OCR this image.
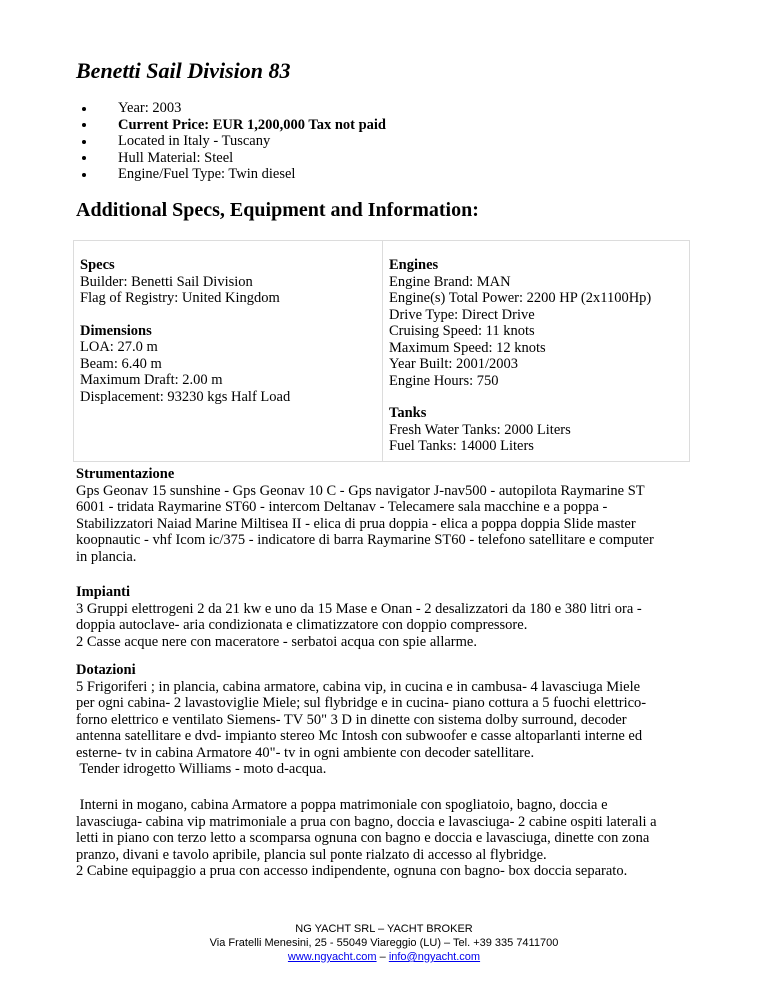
Benetti Sail Division 83
Year: 2003
Current Price: EUR 1,200,000 Tax not paid
Located in Italy - Tuscany
Hull Material: Steel
Engine/Fuel Type: Twin diesel
Additional Specs, Equipment and Information:
Specs
Builder: Benetti Sail Division
Flag of Registry: United Kingdom
Dimensions
LOA: 27.0 m
Beam: 6.40 m
Maximum Draft: 2.00 m
Displacement: 93230 kgs Half Load
Engines
Engine Brand: MAN
Engine(s) Total Power: 2200 HP (2x1100Hp)
Drive Type: Direct Drive
Cruising Speed: 11 knots
Maximum Speed: 12 knots
Year Built: 2001/2003
Engine Hours: 750
Tanks
Fresh Water Tanks: 2000 Liters
Fuel Tanks: 14000 Liters
Strumentazione
Gps Geonav 15 sunshine - Gps Geonav 10 C - Gps navigator J-nav500 - autopilota Raymarine ST
6001 - tridata Raymarine ST60 - intercom Deltanav - Telecamere sala macchine e a poppa -
Stabilizzatori Naiad Marine Miltisea II - elica di prua doppia - elica a poppa doppia Slide master
koopnautic - vhf Icom ic/375 - indicatore di barra Raymarine ST60 - telefono satellitare e computer
in plancia.
Impianti
3 Gruppi elettrogeni 2 da 21 kw e uno da 15 Mase e Onan - 2 desalizzatori da 180 e 380 litri ora -
doppia autoclave- aria condizionata e climatizzatore con doppio compressore.
2 Casse acque nere con maceratore - serbatoi acqua con spie allarme.
Dotazioni
5 Frigoriferi ; in plancia, cabina armatore, cabina vip, in cucina e in cambusa- 4 lavasciuga Miele
per ogni cabina- 2 lavastoviglie Miele; sul flybridge e in cucina- piano cottura a 5 fuochi elettrico-
forno elettrico e ventilato Siemens- TV 50" 3 D in dinette con sistema dolby surround, decoder
antenna satellitare e dvd- impianto stereo Mc Intosh con subwoofer e casse altoparlanti interne ed
esterne- tv in cabina Armatore 40"- tv in ogni ambiente con decoder satellitare.
Tender idrogetto Williams - moto d-acqua.
Interni in mogano, cabina Armatore a poppa matrimoniale con spogliatoio, bagno, doccia e
lavasciuga- cabina vip matrimoniale a prua con bagno, doccia e lavasciuga- 2 cabine ospiti laterali a
letti in piano con terzo letto a scomparsa ognuna con bagno e doccia e lavasciuga, dinette con zona
pranzo, divani e tavolo apribile, plancia sul ponte rialzato di accesso al flybridge.
2 Cabine equipaggio a prua con accesso indipendente, ognuna con bagno- box doccia separato.
NG YACHT SRL – YACHT BROKER
Via Fratelli Menesini, 25 - 55049 Viareggio (LU) – Tel. +39 335 7411700
www.ngyacht.com – info@ngyacht.com
